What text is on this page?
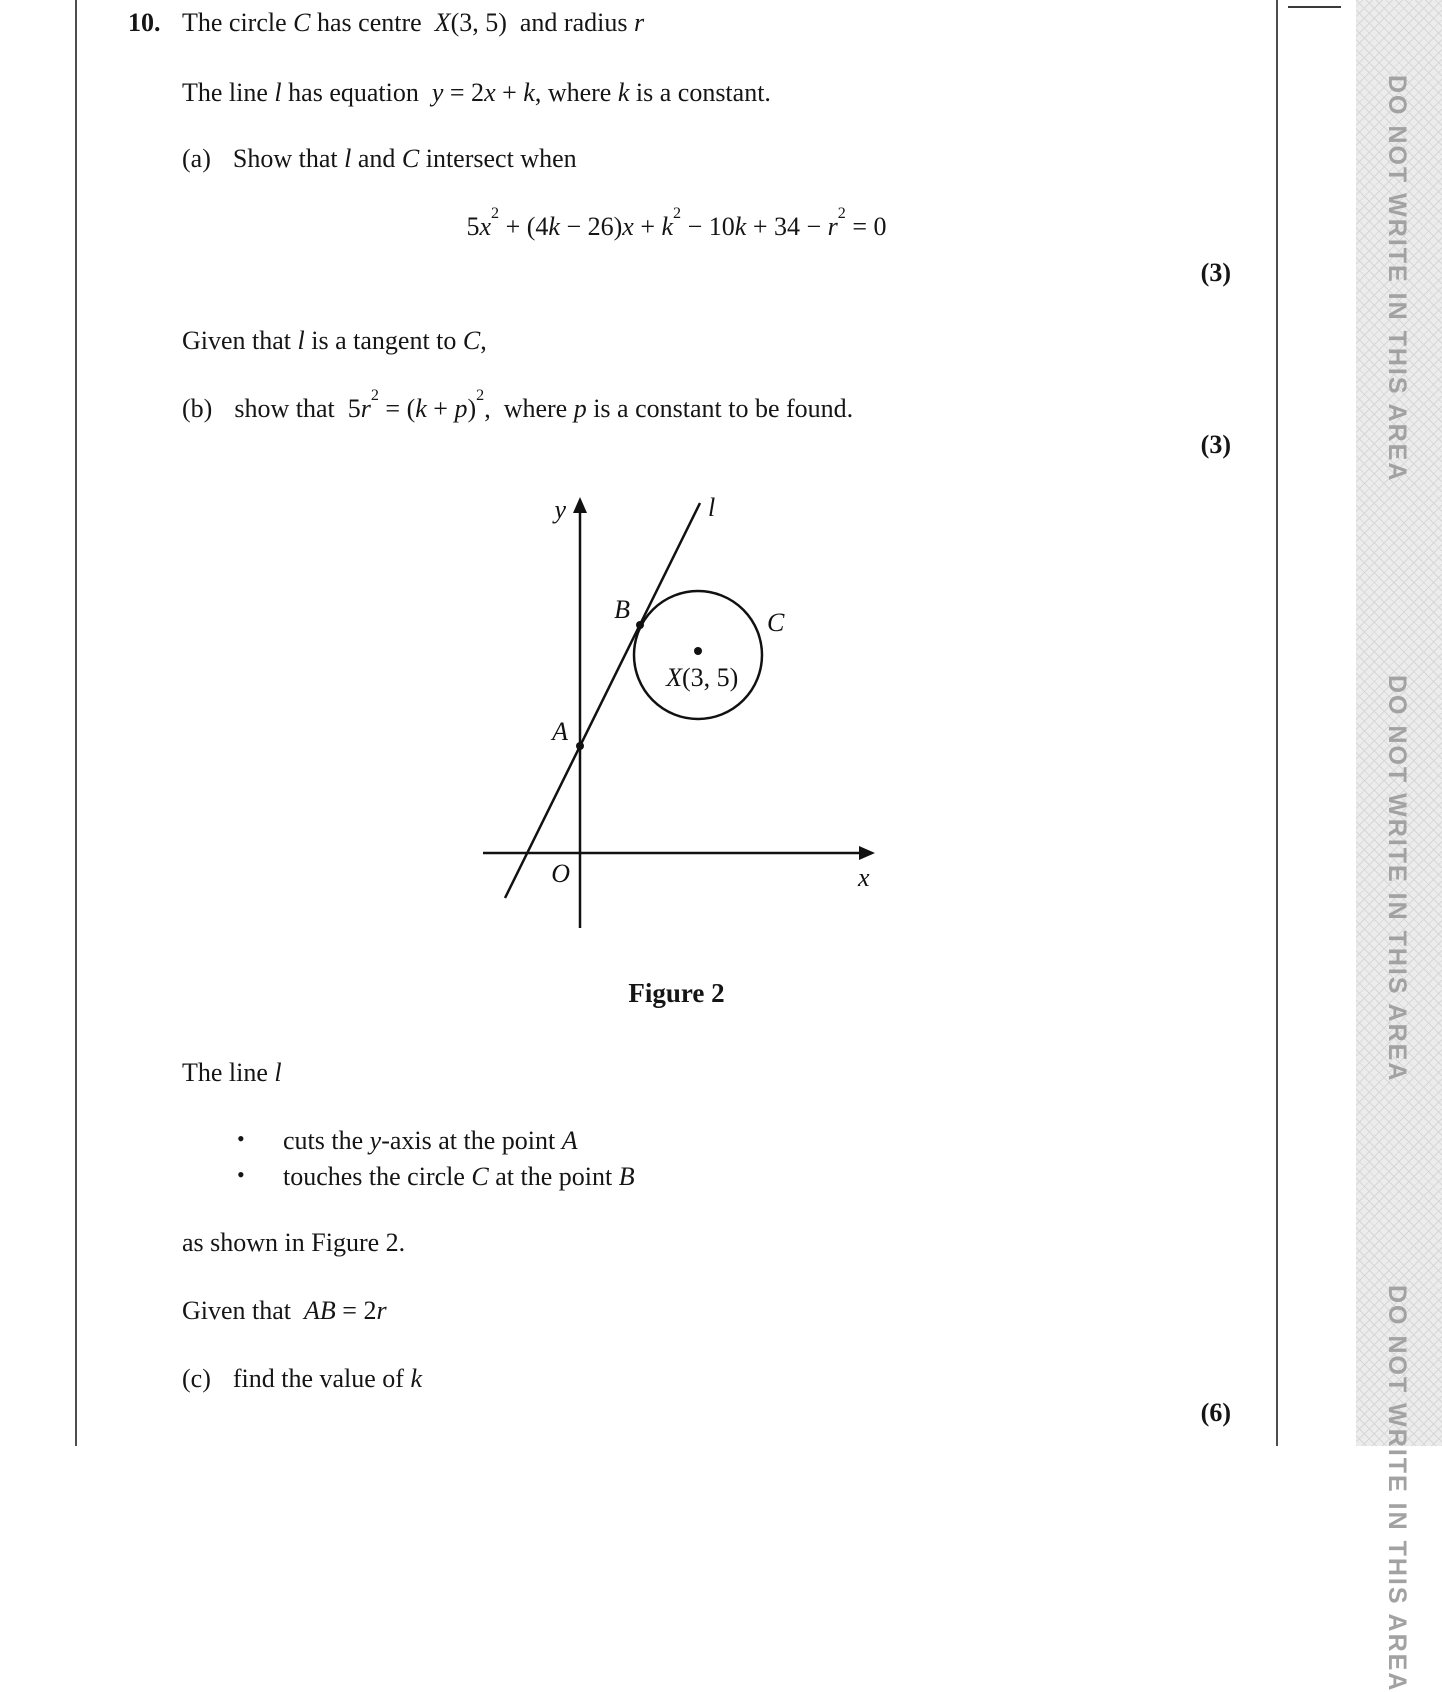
10. The circle C has centre  X(3, 5)  and radius r
The line l has equation  y = 2x + k, where k is a constant.
(a) Show that l and C intersect when
$5x^2 + (4k - 26)x + k^2 - 10k + 34 - r^2 = 0$
(3)
Given that l is a tangent to C,
(b) show that  $5r^2 = (k + p)^2$,  where p is a constant to be found.
(3)
y
x
O
l
C
X (3, 5)
A
B
Figure 2
The line l
• cuts the y-axis at the point A
• touches the circle C at the point B
as shown in Figure 2.
Given that  AB = 2r
(c) find the value of k
(6)
DO NOT WRITE IN THIS AREA
DO NOT WRITE IN THIS AREA
DO NOT WRITE IN THIS AREA
